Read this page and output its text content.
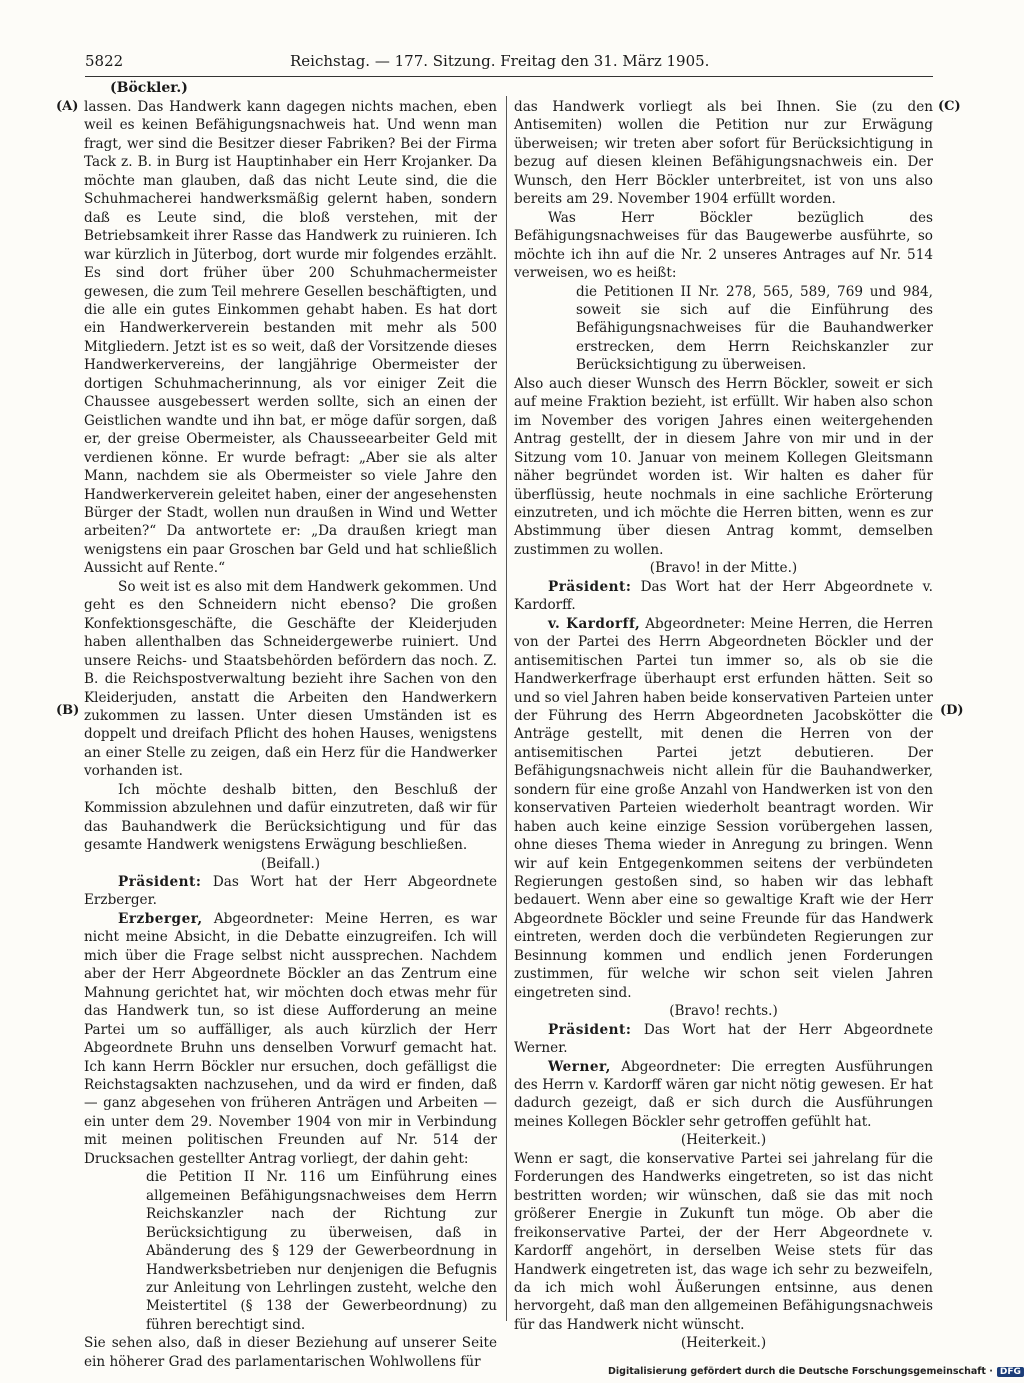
5822	Reichstag. — 177. Sitzung. Freitag den 31. März 1905.
(Böckler.)
(A)
(B)
(C)
(D)

lassen. Das Handwerk kann dagegen nichts machen, eben weil es keinen Befähigungsnachweis hat. Und wenn man fragt, wer sind die Besitzer dieser Fabriken? Bei der Firma Tack z. B. in Burg ist Hauptinhaber ein Herr Krojanker. Da möchte man glauben, daß das nicht Leute sind, die die Schuhmacherei handwerksmäßig gelernt haben, sondern daß es Leute sind, die bloß verstehen, mit der Betriebsamkeit ihrer Rasse das Handwerk zu ruinieren. Ich war kürzlich in Jüterbog, dort wurde mir folgendes erzählt. Es sind dort früher über 200 Schuhmachermeister gewesen, die zum Teil mehrere Gesellen beschäftigten, und die alle ein gutes Einkommen gehabt haben. Es hat dort ein Handwerkerverein bestanden mit mehr als 500 Mitgliedern. Jetzt ist es so weit, daß der Vorsitzende dieses Handwerkervereins, der langjährige Obermeister der dortigen Schuhmacherinnung, als vor einiger Zeit die Chaussee ausgebessert werden sollte, sich an einen der Geistlichen wandte und ihn bat, er möge dafür sorgen, daß er, der greise Obermeister, als Chausseearbeiter Geld mit verdienen könne. Er wurde befragt: „Aber sie als alter Mann, nachdem sie als Obermeister so viele Jahre den Handwerkerverein geleitet haben, einer der angesehensten Bürger der Stadt, wollen nun draußen in Wind und Wetter arbeiten?“ Da antwortete er: „Da draußen kriegt man wenigstens ein paar Groschen bar Geld und hat schließlich Aussicht auf Rente.“

So weit ist es also mit dem Handwerk gekommen. Und geht es den Schneidern nicht ebenso? Die großen Konfektionsgeschäfte, die Geschäfte der Kleiderjuden haben allenthalben das Schneidergewerbe ruiniert. Und unsere Reichs- und Staatsbehörden befördern das noch. Z. B. die Reichspostverwaltung bezieht ihre Sachen von den Kleiderjuden, anstatt die Arbeiten den Handwerkern zukommen zu lassen. Unter diesen Umständen ist es doppelt und dreifach Pflicht des hohen Hauses, wenigstens an einer Stelle zu zeigen, daß ein Herz für die Handwerker vorhanden ist.

Ich möchte deshalb bitten, den Beschluß der Kommission abzulehnen und dafür einzutreten, daß wir für das Bauhandwerk die Berücksichtigung und für das gesamte Handwerk wenigstens Erwägung beschließen.

(Beifall.)

Präsident: Das Wort hat der Herr Abgeordnete Erzberger.

Erzberger, Abgeordneter: Meine Herren, es war nicht meine Absicht, in die Debatte einzugreifen. Ich will mich über die Frage selbst nicht aussprechen. Nachdem aber der Herr Abgeordnete Böckler an das Zentrum eine Mahnung gerichtet hat, wir möchten doch etwas mehr für das Handwerk tun, so ist diese Aufforderung an meine Partei um so auffälliger, als auch kürzlich der Herr Abgeordnete Bruhn uns denselben Vorwurf gemacht hat. Ich kann Herrn Böckler nur ersuchen, doch gefälligst die Reichstagsakten nachzusehen, und da wird er finden, daß — ganz abgesehen von früheren Anträgen und Arbeiten — ein unter dem 29. November 1904 von mir in Verbindung mit meinen politischen Freunden auf Nr. 514 der Drucksachen gestellter Antrag vorliegt, der dahin geht:

die Petition II Nr. 116 um Einführung eines allgemeinen Befähigungsnachweises dem Herrn Reichskanzler nach der Richtung zur Berücksichtigung zu überweisen, daß in Abänderung des § 129 der Gewerbeordnung in Handwerksbetrieben nur denjenigen die Befugnis zur Anleitung von Lehrlingen zusteht, welche den Meistertitel (§ 138 der Gewerbeordnung) zu führen berechtigt sind.

Sie sehen also, daß in dieser Beziehung auf unserer Seite ein höherer Grad des parlamentarischen Wohlwollens für

das Handwerk vorliegt als bei Ihnen. Sie (zu den Antisemiten) wollen die Petition nur zur Erwägung überweisen; wir treten aber sofort für Berücksichtigung in bezug auf diesen kleinen Befähigungsnachweis ein. Der Wunsch, den Herr Böckler unterbreitet, ist von uns also bereits am 29. November 1904 erfüllt worden.

Was Herr Böckler bezüglich des Befähigungsnachweises für das Baugewerbe ausführte, so möchte ich ihn auf die Nr. 2 unseres Antrages auf Nr. 514 verweisen, wo es heißt:

die Petitionen II Nr. 278, 565, 589, 769 und 984, soweit sie sich auf die Einführung des Befähigungsnachweises für die Bauhandwerker erstrecken, dem Herrn Reichskanzler zur Berücksichtigung zu überweisen.

Also auch dieser Wunsch des Herrn Böckler, soweit er sich auf meine Fraktion bezieht, ist erfüllt. Wir haben also schon im November des vorigen Jahres einen weitergehenden Antrag gestellt, der in diesem Jahre von mir und in der Sitzung vom 10. Januar von meinem Kollegen Gleitsmann näher begründet worden ist. Wir halten es daher für überflüssig, heute nochmals in eine sachliche Erörterung einzutreten, und ich möchte die Herren bitten, wenn es zur Abstimmung über diesen Antrag kommt, demselben zustimmen zu wollen.

(Bravo! in der Mitte.)

Präsident: Das Wort hat der Herr Abgeordnete v. Kardorff.

v. Kardorff, Abgeordneter: Meine Herren, die Herren von der Partei des Herrn Abgeordneten Böckler und der antisemitischen Partei tun immer so, als ob sie die Handwerkerfrage überhaupt erst erfunden hätten. Seit so und so viel Jahren haben beide konservativen Parteien unter der Führung des Herrn Abgeordneten Jacobskötter die Anträge gestellt, mit denen die Herren von der antisemitischen Partei jetzt debutieren. Der Befähigungsnachweis nicht allein für die Bauhandwerker, sondern für eine große Anzahl von Handwerken ist von den konservativen Parteien wiederholt beantragt worden. Wir haben auch keine einzige Session vorübergehen lassen, ohne dieses Thema wieder in Anregung zu bringen. Wenn wir auf kein Entgegenkommen seitens der verbündeten Regierungen gestoßen sind, so haben wir das lebhaft bedauert. Wenn aber eine so gewaltige Kraft wie der Herr Abgeordnete Böckler und seine Freunde für das Handwerk eintreten, werden doch die verbündeten Regierungen zur Besinnung kommen und endlich jenen Forderungen zustimmen, für welche wir schon seit vielen Jahren eingetreten sind.

(Bravo! rechts.)

Präsident: Das Wort hat der Herr Abgeordnete Werner.

Werner, Abgeordneter: Die erregten Ausführungen des Herrn v. Kardorff wären gar nicht nötig gewesen. Er hat dadurch gezeigt, daß er sich durch die Ausführungen meines Kollegen Böckler sehr getroffen gefühlt hat.

(Heiterkeit.)

Wenn er sagt, die konservative Partei sei jahrelang für die Forderungen des Handwerks eingetreten, so ist das nicht bestritten worden; wir wünschen, daß sie das mit noch größerer Energie in Zukunft tun möge. Ob aber die freikonservative Partei, der der Herr Abgeordnete v. Kardorff angehört, in derselben Weise stets für das Handwerk eingetreten ist, das wage ich sehr zu bezweifeln, da ich mich wohl Äußerungen entsinne, aus denen hervorgeht, daß man den allgemeinen Befähigungsnachweis für das Handwerk nicht wünscht.

(Heiterkeit.)

Digitalisierung gefördert durch die Deutsche Forschungsgemeinschaft · DFG
